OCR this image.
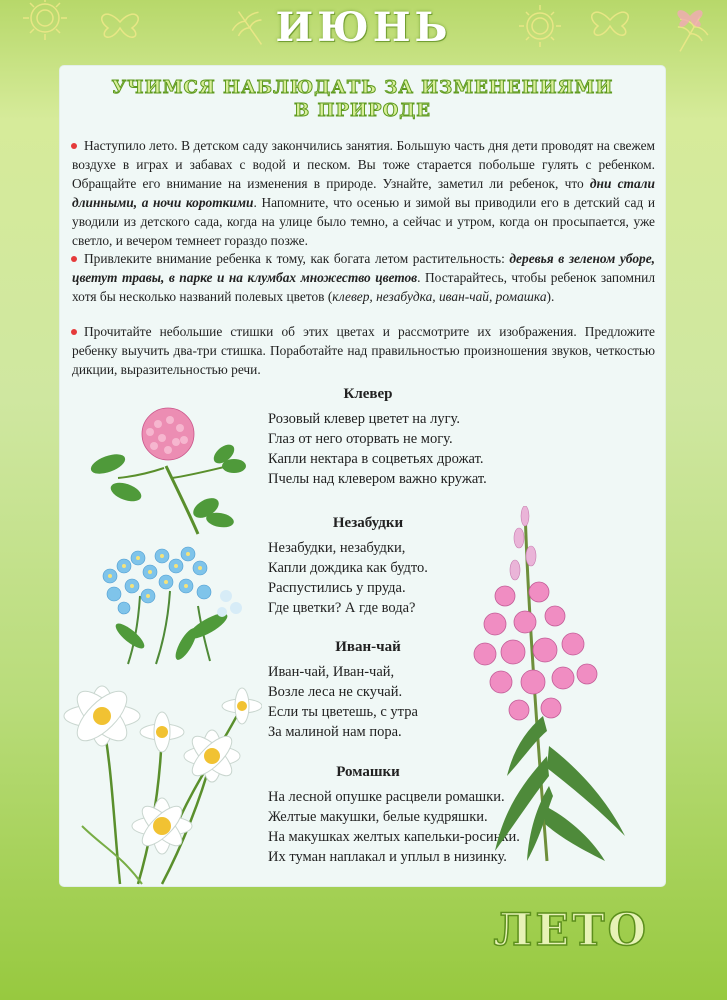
ИЮНЬ
УЧИМСЯ НАБЛЮДАТЬ ЗА ИЗМЕНЕНИЯМИ
В ПРИРОДЕ

Наступило лето. В детском саду закончились занятия. Большую часть дня дети проводят на свежем воздухе в играх и забавах с водой и песком. Вы тоже старается побольше гулять с ребенком. Обращайте его внимание на изменения в природе. Узнайте, заметил ли ребенок, что дни стали длинными, а ночи короткими. Напомните, что осенью и зимой вы приводили его в детский сад и уводили из детского сада, когда на улице было темно, а сейчас и утром, когда он просыпается, уже светло, и вечером темнеет гораздо позже.

Привлеките внимание ребенка к тому, как богата летом растительность: деревья в зеленом уборе, цветут травы, в парке и на клумбах множество цветов. Постарайтесь, чтобы ребенок запомнил хотя бы несколько названий полевых цветов (клевер, незабудка, иван-чай, ромашка).

Прочитайте небольшие стишки об этих цветах и рассмотрите их изображения. Предложите ребенку выучить два-три стишка. Поработайте над правильностью произношения звуков, четкостью дикции, выразительностью речи.

Клевер
Розовый клевер цветет на лугу.
Глаз от него оторвать не могу.
Капли нектара в соцветьях дрожат.
Пчелы над клевером важно кружат.
Незабудки
Незабудки, незабудки,
Капли дождика как будто.
Распустились у пруда.
Где цветки? А где вода?
Иван-чай
Иван-чай, Иван-чай,
Возле леса не скучай.
Если ты цветешь, с утра
За малиной нам пора.
Ромашки
На лесной опушке расцвели ромашки.
Желтые макушки, белые кудряшки.
На макушках желтых капельки-росинки.
Их туман наплакал и уплыл в низинку.
ЛЕТО
